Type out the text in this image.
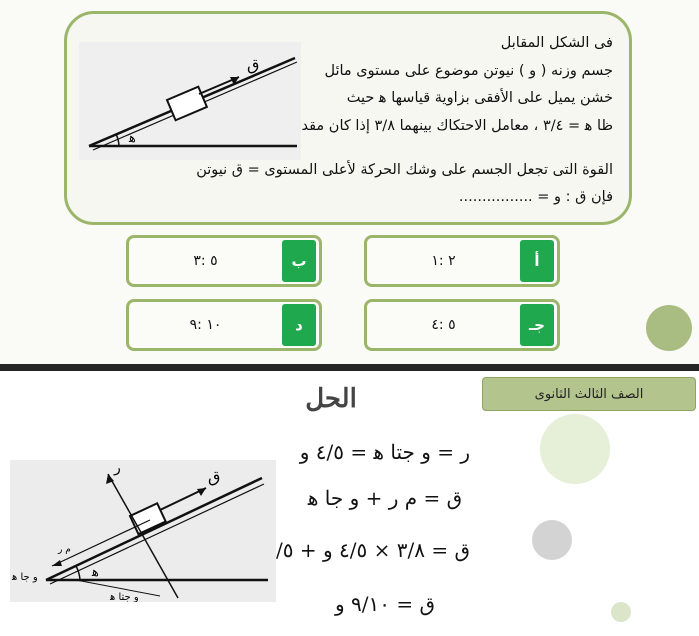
فى الشكل المقابل
جسم وزنه ( و ) نيوتن موضوع على مستوى مائل
خشن يميل على الأفقى بزاوية قياسها ﻫ حيث
ظا ﻫ = ٣/٤ ، معامل الاحتكاك بينهما ٣/٨ إذا كان مقدار
القوة التى تجعل الجسم على وشك الحركة لأعلى المستوى = ق نيوتن
فإن ق : و = ................
ق
ﻫ
أ
٢ :١
ب
٥ :٣
جـ
٥ :٤
د
١٠ :٩
الصف الثالث الثانوى
الحل
ر = و جتا ﻫ = ٤/٥ و
ق = م ر + و جا ﻫ
ق = ٣/٨ × ٤/٥ و + ٣/٥ و
ق = ٩/١٠ و
ر	ق
م ر
و جا ﻫ
و جتا ﻫ
ﻫ
